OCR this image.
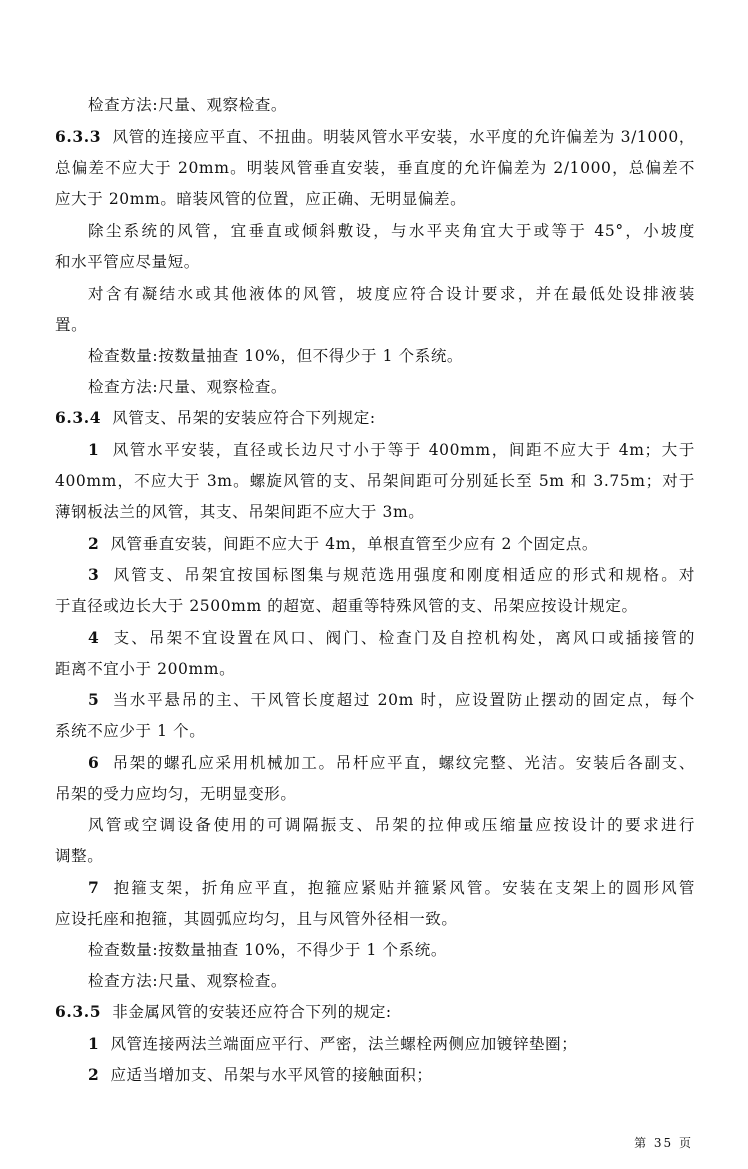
检查方法:尺量、观察检查。
6.3.3 风管的连接应平直、不扭曲。明装风管水平安装，水平度的允许偏差为 3/1000，
总偏差不应大于 20mm。明装风管垂直安装，垂直度的允许偏差为 2/1000，总偏差不
应大于 20mm。暗装风管的位置，应正确、无明显偏差。
除尘系统的风管，宜垂直或倾斜敷设，与水平夹角宜大于或等于 45°，小坡度
和水平管应尽量短。
对含有凝结水或其他液体的风管，坡度应符合设计要求，并在最低处设排液装
置。
检查数量:按数量抽查 10%，但不得少于 1 个系统。
检查方法:尺量、观察检查。
6.3.4 风管支、吊架的安装应符合下列规定:
1 风管水平安装，直径或长边尺寸小于等于 400mm，间距不应大于 4m；大于
400mm，不应大于 3m。螺旋风管的支、吊架间距可分别延长至 5m 和 3.75m；对于
薄钢板法兰的风管，其支、吊架间距不应大于 3m。
2 风管垂直安装，间距不应大于 4m，单根直管至少应有 2 个固定点。
3 风管支、吊架宜按国标图集与规范选用强度和刚度相适应的形式和规格。对
于直径或边长大于 2500mm 的超宽、超重等特殊风管的支、吊架应按设计规定。
4 支、吊架不宜设置在风口、阀门、检查门及自控机构处，离风口或插接管的
距离不宜小于 200mm。
5 当水平悬吊的主、干风管长度超过 20m 时，应设置防止摆动的固定点，每个
系统不应少于 1 个。
6 吊架的螺孔应采用机械加工。吊杆应平直，螺纹完整、光洁。安装后各副支、
吊架的受力应均匀，无明显变形。
风管或空调设备使用的可调隔振支、吊架的拉伸或压缩量应按设计的要求进行
调整。
7 抱箍支架，折角应平直，抱箍应紧贴并箍紧风管。安装在支架上的圆形风管
应设托座和抱箍，其圆弧应均匀，且与风管外径相一致。
检查数量:按数量抽查 10%，不得少于 1 个系统。
检查方法:尺量、观察检查。
6.3.5 非金属风管的安装还应符合下列的规定:
1 风管连接两法兰端面应平行、严密，法兰螺栓两侧应加镀锌垫圈；
2 应适当增加支、吊架与水平风管的接触面积；
第 35 页
